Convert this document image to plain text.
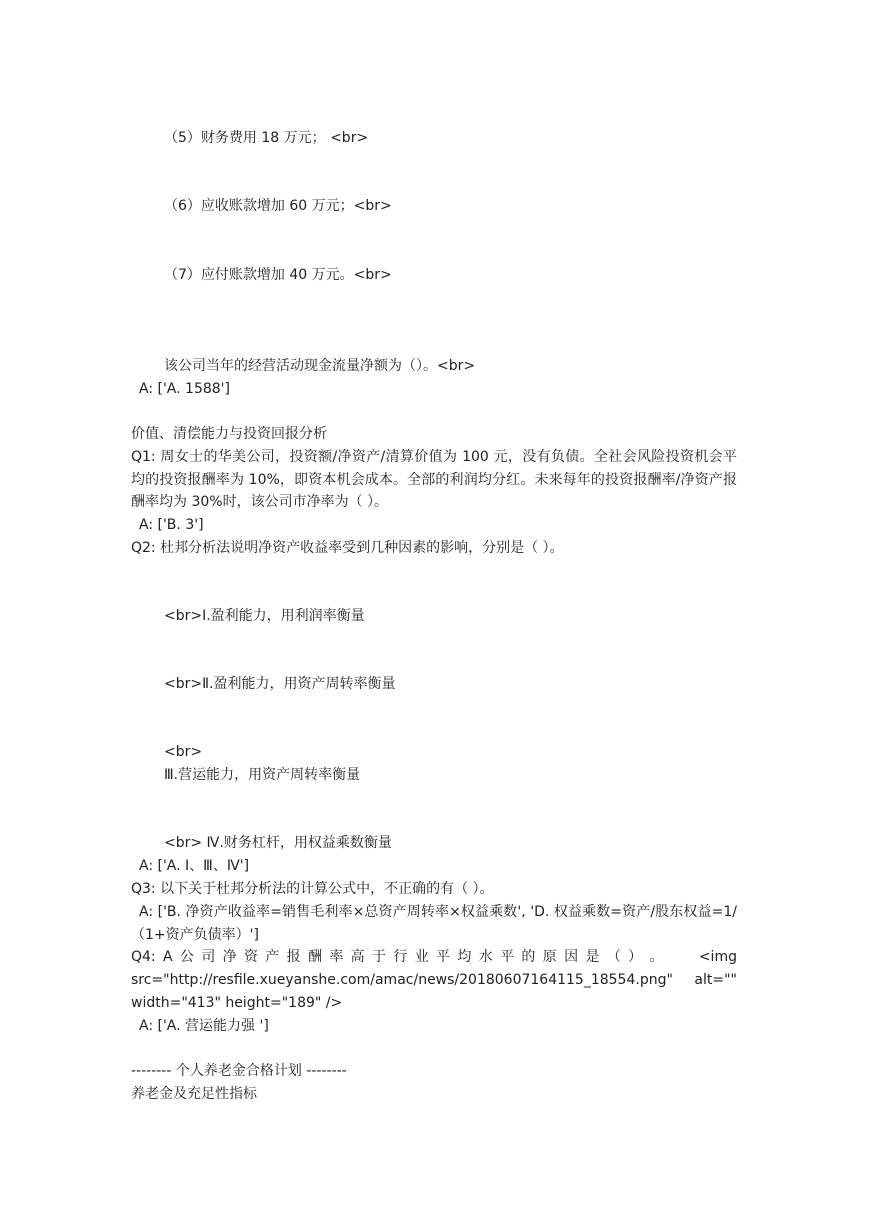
（5）财务费用 18 万元； <br>
（6）应收账款增加 60 万元；<br>
（7）应付账款增加 40 万元。<br>
该公司当年的经营活动现金流量净额为（）。<br>
A: ['A. 1588']
价值、清偿能力与投资回报分析
Q1: 周女士的华美公司，投资额/净资产/清算价值为 100 元，没有负债。全社会风险投资机会平均的投资报酬率为 10%，即资本机会成本。全部的利润均分红。未来每年的投资报酬率/净资产报酬率均为 30%时，该公司市净率为（ ）。
A: ['B. 3']
Q2: 杜邦分析法说明净资产收益率受到几种因素的影响，分别是（ ）。
<br>Ⅰ.盈利能力，用利润率衡量
<br>Ⅱ.盈利能力，用资产周转率衡量
<br>
Ⅲ.营运能力，用资产周转率衡量
<br> Ⅳ.财务杠杆，用权益乘数衡量
A: ['A. Ⅰ、Ⅲ、Ⅳ']
Q3: 以下关于杜邦分析法的计算公式中，不正确的有（ ）。
A: ['B. 净资产收益率=销售毛利率×总资产周转率×权益乘数', 'D. 权益乘数=资产/股东权益=1/（1+资产负债率）']
Q4: A 公 司 净 资 产 报 酬 率 高 于 行 业 平 均 水 平 的 原 因 是 （ ） 。	<img
src="http://resfile.xueyanshe.com/amac/news/20180607164115_18554.png" alt=""
width="413" height="189" />
A: ['A. 营运能力强 ']
-------- 个人养老金合格计划 --------
养老金及充足性指标
